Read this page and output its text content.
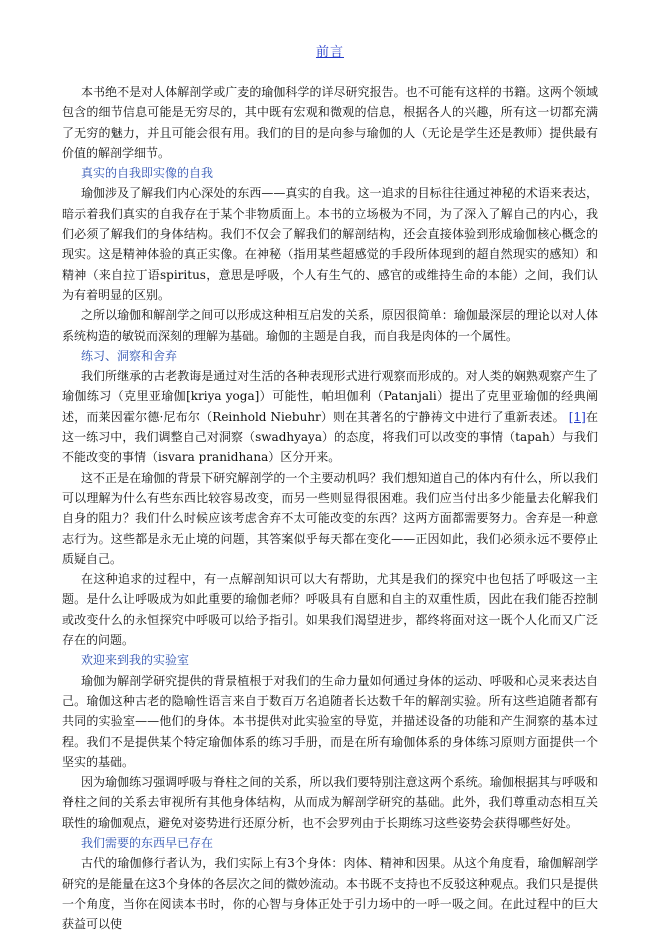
前言

本书绝不是对人体解剖学或广麦的瑜伽科学的详尽研究报告。也不可能有这样的书籍。这两个领域包含的细节信息可能是无穷尽的，其中既有宏观和微观的信息，根据各人的兴趣，所有这一切都充满了无穷的魅力，并且可能会很有用。我们的目的是向参与瑜伽的人（无论是学生还是教师）提供最有价值的解剖学细节。

真实的自我即实像的自我

瑜伽涉及了解我们内心深处的东西——真实的自我。这一追求的目标往往通过神秘的术语来表达，暗示着我们真实的自我存在于某个非物质面上。本书的立场极为不同，为了深入了解自己的内心，我们必须了解我们的身体结构。我们不仅会了解我们的解剖结构，还会直接体验到形成瑜伽核心概念的现实。这是精神体验的真正实像。在神秘（指用某些超感觉的手段所体现到的超自然现实的感知）和精神（来自拉丁语spiritus，意思是呼吸，个人有生气的、感官的或维持生命的本能）之间，我们认为有着明显的区别。

之所以瑜伽和解剖学之间可以形成这种相互启发的关系，原因很简单：瑜伽最深层的理论以对人体系统构造的敏锐而深刻的理解为基础。瑜伽的主题是自我，而自我是肉体的一个属性。

练习、洞察和舍弃

我们所继承的古老教诲是通过对生活的各种表现形式进行观察而形成的。对人类的娴熟观察产生了瑜伽练习（克里亚瑜伽[kriya yoga]）可能性，帕坦伽利（Patanjali）提出了克里亚瑜伽的经典阐述，而莱因霍尔德·尼布尔（Reinhold Niebuhr）则在其著名的宁静祷文中进行了重新表述。 [1]在这一练习中，我们调整自己对洞察（swadhyaya）的态度，将我们可以改变的事情（tapah）与我们不能改变的事情（isvara pranidhana）区分开来。

这不正是在瑜伽的背景下研究解剖学的一个主要动机吗？我们想知道自己的体内有什么，所以我们可以理解为什么有些东西比较容易改变，而另一些则显得很困难。我们应当付出多少能量去化解我们自身的阻力？我们什么时候应该考虑舍弃不太可能改变的东西？这两方面都需要努力。舍弃是一种意志行为。这些都是永无止境的问题，其答案似乎每天都在变化——正因如此，我们必须永远不要停止质疑自己。

在这种追求的过程中，有一点解剖知识可以大有帮助，尤其是我们的探究中也包括了呼吸这一主题。是什么让呼吸成为如此重要的瑜伽老师？呼吸具有自愿和自主的双重性质，因此在我们能否控制或改变什么的永恒探究中呼吸可以给予指引。如果我们渴望进步，都终将面对这一既个人化而又广泛存在的问题。

欢迎来到我的实验室

瑜伽为解剖学研究提供的背景植根于对我们的生命力量如何通过身体的运动、呼吸和心灵来表达自己。瑜伽这种古老的隐喻性语言来自于数百万名追随者长达数千年的解剖实验。所有这些追随者都有共同的实验室——他们的身体。本书提供对此实验室的导览，并描述设备的功能和产生洞察的基本过程。我们不是提供某个特定瑜伽体系的练习手册，而是在所有瑜伽体系的身体练习原则方面提供一个坚实的基础。

因为瑜伽练习强调呼吸与脊柱之间的关系，所以我们要特别注意这两个系统。瑜伽根据其与呼吸和脊柱之间的关系去审视所有其他身体结构，从而成为解剖学研究的基础。此外，我们尊重动态相互关联性的瑜伽观点，避免对姿势进行还原分析，也不会罗列由于长期练习这些姿势会获得哪些好处。

我们需要的东西早已存在

古代的瑜伽修行者认为，我们实际上有3个身体：肉体、精神和因果。从这个角度看，瑜伽解剖学研究的是能量在这3个身体的各层次之间的微妙流动。本书既不支持也不反驳这种观点。我们只是提供一个角度，当你在阅读本书时，你的心智与身体正处于引力场中的一呼一吸之间。在此过程中的巨大获益可以使
